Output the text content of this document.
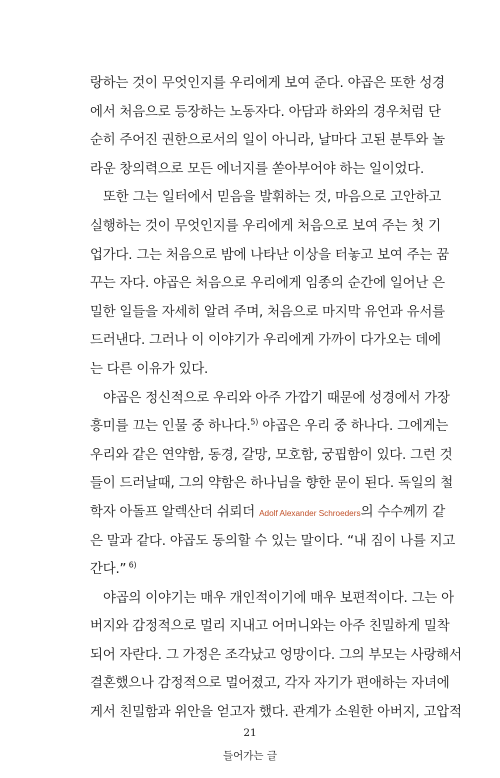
랑하는 것이 무엇인지를 우리에게 보여 준다. 야곱은 또한 성경
에서 처음으로 등장하는 노동자다. 아담과 하와의 경우처럼 단
순히 주어진 권한으로서의 일이 아니라, 날마다 고된 분투와 놀
라운 창의력으로 모든 에너지를 쏟아부어야 하는 일이었다.
또한 그는 일터에서 믿음을 발휘하는 것, 마음으로 고안하고
실행하는 것이 무엇인지를 우리에게 처음으로 보여 주는 첫 기
업가다. 그는 처음으로 밤에 나타난 이상을 터놓고 보여 주는 꿈
꾸는 자다. 야곱은 처음으로 우리에게 임종의 순간에 일어난 은
밀한 일들을 자세히 알려 주며, 처음으로 마지막 유언과 유서를
드러낸다. 그러나 이 이야기가 우리에게 가까이 다가오는 데에
는 다른 이유가 있다.
야곱은 정신적으로 우리와 아주 가깝기 때문에 성경에서 가장
흥미를 끄는 인물 중 하나다.$^{5)}$ 야곱은 우리 중 하나다. 그에게는
우리와 같은 연약함, 동경, 갈망, 모호함, 궁핍함이 있다. 그런 것
들이 드러날때, 그의 약함은 하나님을 향한 문이 된다. 독일의 철
학자 아돌프 알렉산더 쉬뢰더 Adolf Alexander Schroeders의 수수께끼 같
은 말과 같다. 야곱도 동의할 수 있는 말이다. “내 짐이 나를 지고
간다.” $^{6)}$
야곱의 이야기는 매우 개인적이기에 매우 보편적이다. 그는 아
버지와 감정적으로 멀리 지내고 어머니와는 아주 친밀하게 밀착
되어 자란다. 그 가정은 조각났고 엉망이다. 그의 부모는 사랑해서
결혼했으나 감정적으로 멀어졌고, 각자 자기가 편애하는 자녀에
게서 친밀함과 위안을 얻고자 했다. 관계가 소원한 아버지, 고압적
21
들어가는 글
